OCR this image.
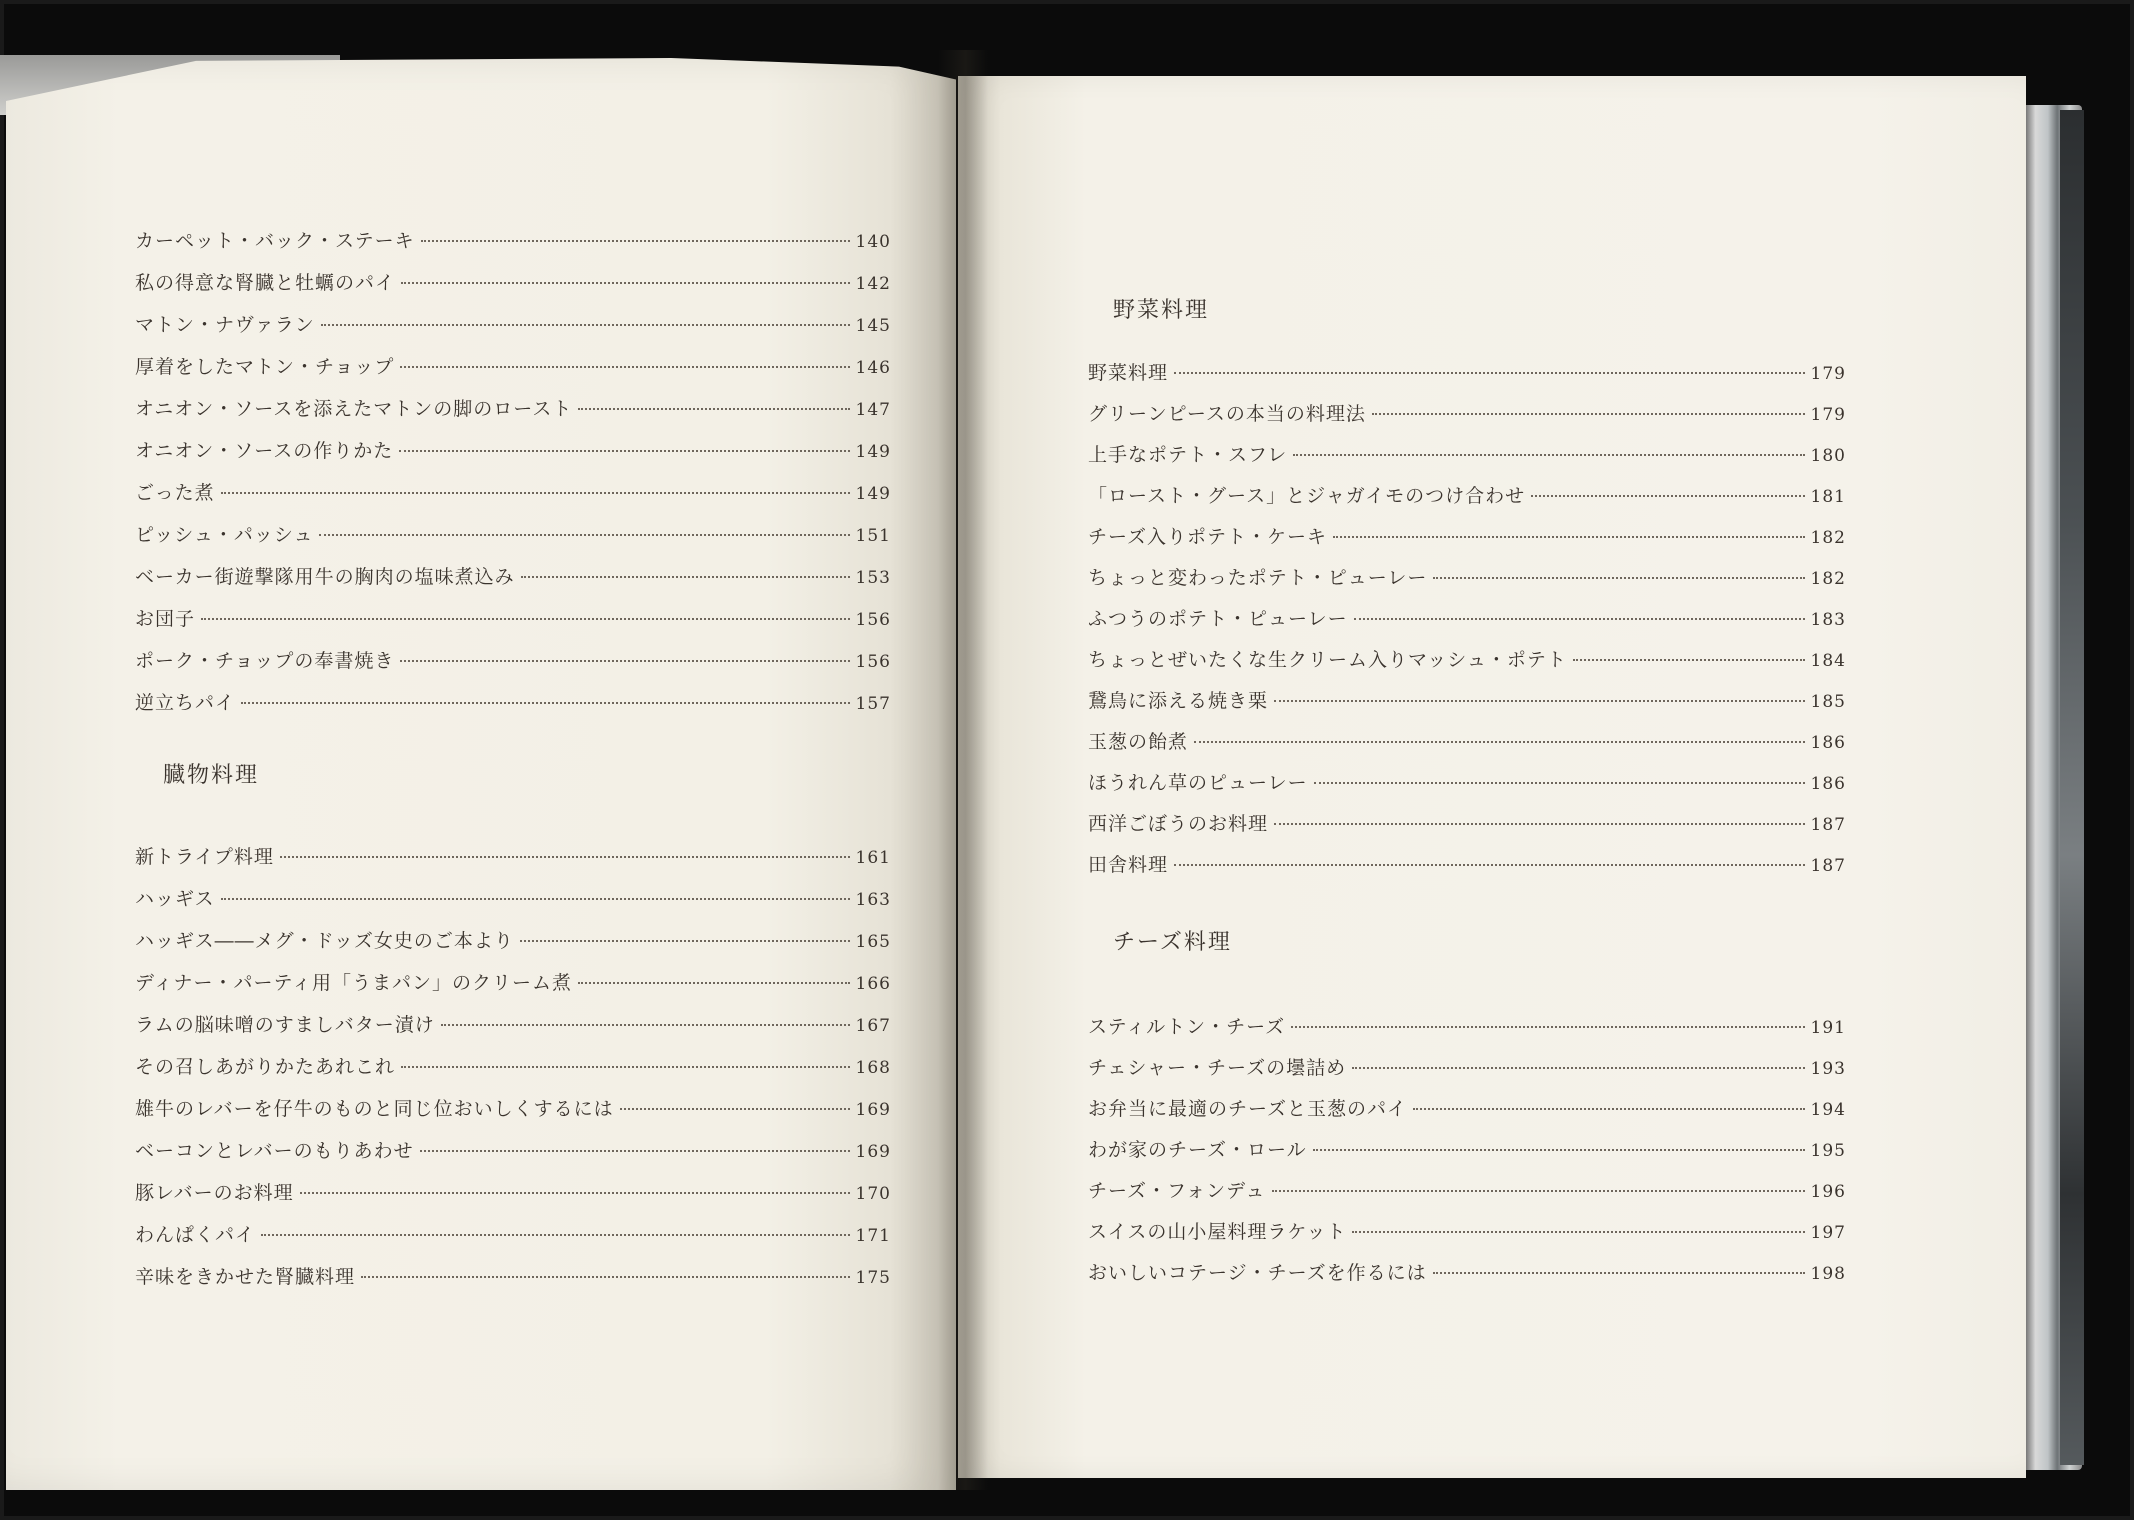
カーペット・バック・ステーキ	140
私の得意な腎臓と牡蠣のパイ	142
マトン・ナヴァラン	145
厚着をしたマトン・チョップ	146
オニオン・ソースを添えたマトンの脚のロースト	147
オニオン・ソースの作りかた	149
ごった煮	149
ピッシュ・パッシュ	151
ベーカー街遊撃隊用牛の胸肉の塩味煮込み	153
お団子	156
ポーク・チョップの奉書焼き	156
逆立ちパイ	157
臓物料理
新トライプ料理	161
ハッギス	163
ハッギス――メグ・ドッズ女史のご本より	165
ディナー・パーティ用「うまパン」のクリーム煮	166
ラムの脳味噌のすましバター漬け	167
その召しあがりかたあれこれ	168
雄牛のレバーを仔牛のものと同じ位おいしくするには	169
ベーコンとレバーのもりあわせ	169
豚レバーのお料理	170
わんぱくパイ	171
辛味をきかせた腎臓料理	175
野菜料理
野菜料理	179
グリーンピースの本当の料理法	179
上手なポテト・スフレ	180
「ロースト・グース」とジャガイモのつけ合わせ	181
チーズ入りポテト・ケーキ	182
ちょっと変わったポテト・ピューレー	182
ふつうのポテト・ピューレー	183
ちょっとぜいたくな生クリーム入りマッシュ・ポテト	184
鵞鳥に添える焼き栗	185
玉葱の飴煮	186
ほうれん草のピューレー	186
西洋ごぼうのお料理	187
田舎料理	187
チーズ料理
スティルトン・チーズ	191
チェシャー・チーズの壜詰め	193
お弁当に最適のチーズと玉葱のパイ	194
わが家のチーズ・ロール	195
チーズ・フォンデュ	196
スイスの山小屋料理ラケット	197
おいしいコテージ・チーズを作るには	198
